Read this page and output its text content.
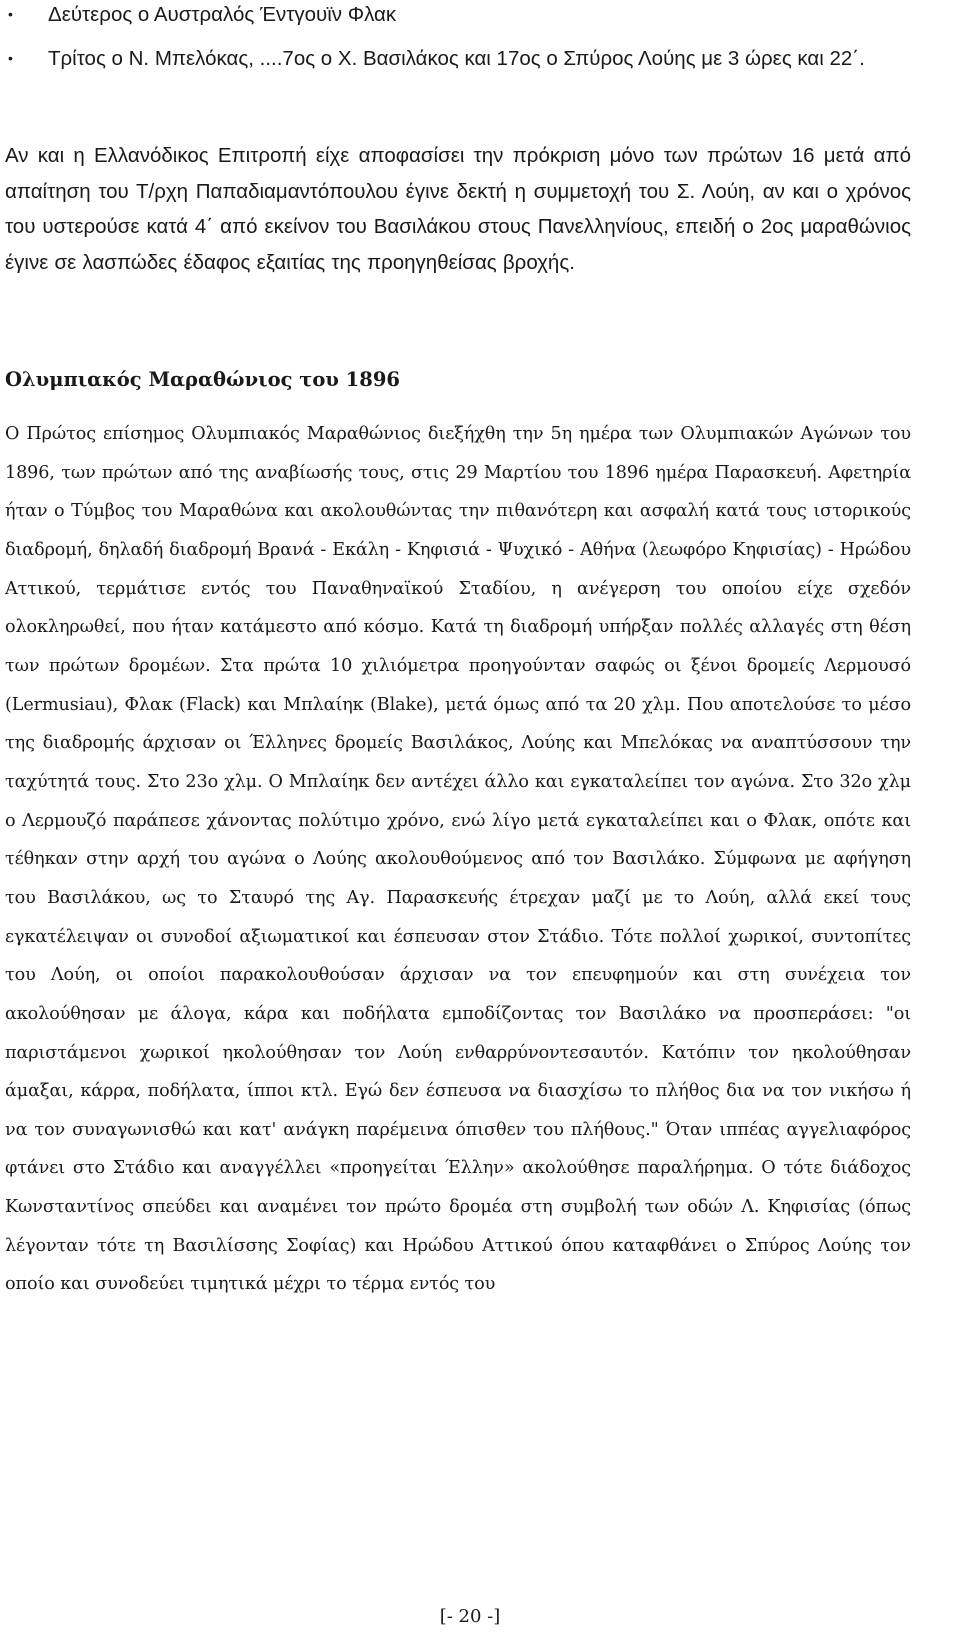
• Δεύτερος ο Αυστραλός Έντγουϊν Φλακ
• Τρίτος ο Ν. Μπελόκας, ....7ος ο Χ. Βασιλάκος και 17ος ο Σπύρος Λούης με 3 ώρες και 22΄.

Αν και η Ελλανόδικος Επιτροπή είχε αποφασίσει την πρόκριση μόνο των πρώτων 16 μετά από απαίτηση του Τ/ρχη Παπαδιαμαντόπουλου έγινε δεκτή η συμμετοχή του Σ. Λούη, αν και ο χρόνος του υστερούσε κατά 4΄ από εκείνον του Βασιλάκου στους Πανελληνίους, επειδή ο 2ος μαραθώνιος έγινε σε λασπώδες έδαφος εξαιτίας της προηγηθείσας βροχής.

Ολυμπιακός Μαραθώνιος του 1896

Ο Πρώτος επίσημος Ολυμπιακός Μαραθώνιος διεξήχθη την 5η ημέρα των Ολυμπιακών Αγώνων του 1896, των πρώτων από της αναβίωσής τους, στις 29 Μαρτίου του 1896 ημέρα Παρασκευή. Αφετηρία ήταν ο Τύμβος του Μαραθώνα και ακολουθώντας την πιθανότερη και ασφαλή κατά τους ιστορικούς διαδρομή, δηλαδή διαδρομή Βρανά - Εκάλη - Κηφισιά - Ψυχικό - Αθήνα (λεωφόρο Κηφισίας) - Ηρώδου Αττικού, τερμάτισε εντός του Παναθηναϊκού Σταδίου, η ανέγερση του οποίου είχε σχεδόν ολοκληρωθεί, που ήταν κατάμεστο από κόσμο. Κατά τη διαδρομή υπήρξαν πολλές αλλαγές στη θέση των πρώτων δρομέων. Στα πρώτα 10 χιλιόμετρα προηγούνταν σαφώς οι ξένοι δρομείς Λερμουσό (Lermusiau), Φλακ (Flack) και Μπλαίηκ (Blake), μετά όμως από τα 20 χλμ. Που αποτελούσε το μέσο της διαδρομής άρχισαν οι Έλληνες δρομείς Βασιλάκος, Λούης και Μπελόκας να αναπτύσσουν την ταχύτητά τους. Στο 23ο χλμ. Ο Μπλαίηκ δεν αντέχει άλλο και εγκαταλείπει τον αγώνα. Στο 32ο χλμ ο Λερμουζό παράπεσε χάνοντας πολύτιμο χρόνο, ενώ λίγο μετά εγκαταλείπει και ο Φλακ, οπότε και τέθηκαν στην αρχή του αγώνα ο Λούης ακολουθούμενος από τον Βασιλάκο. Σύμφωνα με αφήγηση του Βασιλάκου, ως το Σταυρό της Αγ. Παρασκευής έτρεχαν μαζί με το Λούη, αλλά εκεί τους εγκατέλειψαν οι συνοδοί αξιωματικοί και έσπευσαν στον Στάδιο. Τότε πολλοί χωρικοί, συντοπίτες του Λούη, οι οποίοι παρακολουθούσαν άρχισαν να τον επευφημούν και στη συνέχεια τον ακολούθησαν με άλογα, κάρα και ποδήλατα εμποδίζοντας τον Βασιλάκο να προσπεράσει: "οι παριστάμενοι χωρικοί ηκολούθησαν τον Λούη ενθαρρύνοντεσαυτόν. Κατόπιν τον ηκολούθησαν άμαξαι, κάρρα, ποδήλατα, ίπποι κτλ. Εγώ δεν έσπευσα να διασχίσω το πλήθος δια να τον νικήσω ή να τον συναγωνισθώ και κατ' ανάγκη παρέμεινα όπισθεν του πλήθους." Όταν ιππέας αγγελιαφόρος φτάνει στο Στάδιο και αναγγέλλει «προηγείται Έλλην» ακολούθησε παραλήρημα. Ο τότε διάδοχος Κωνσταντίνος σπεύδει και αναμένει τον πρώτο δρομέα στη συμβολή των οδών Λ. Κηφισίας (όπως λέγονταν τότε τη Βασιλίσσης Σοφίας) και Ηρώδου Αττικού όπου καταφθάνει ο Σπύρος Λούης τον οποίο και συνοδεύει τιμητικά μέχρι το τέρμα εντός του

[- 20 -]
